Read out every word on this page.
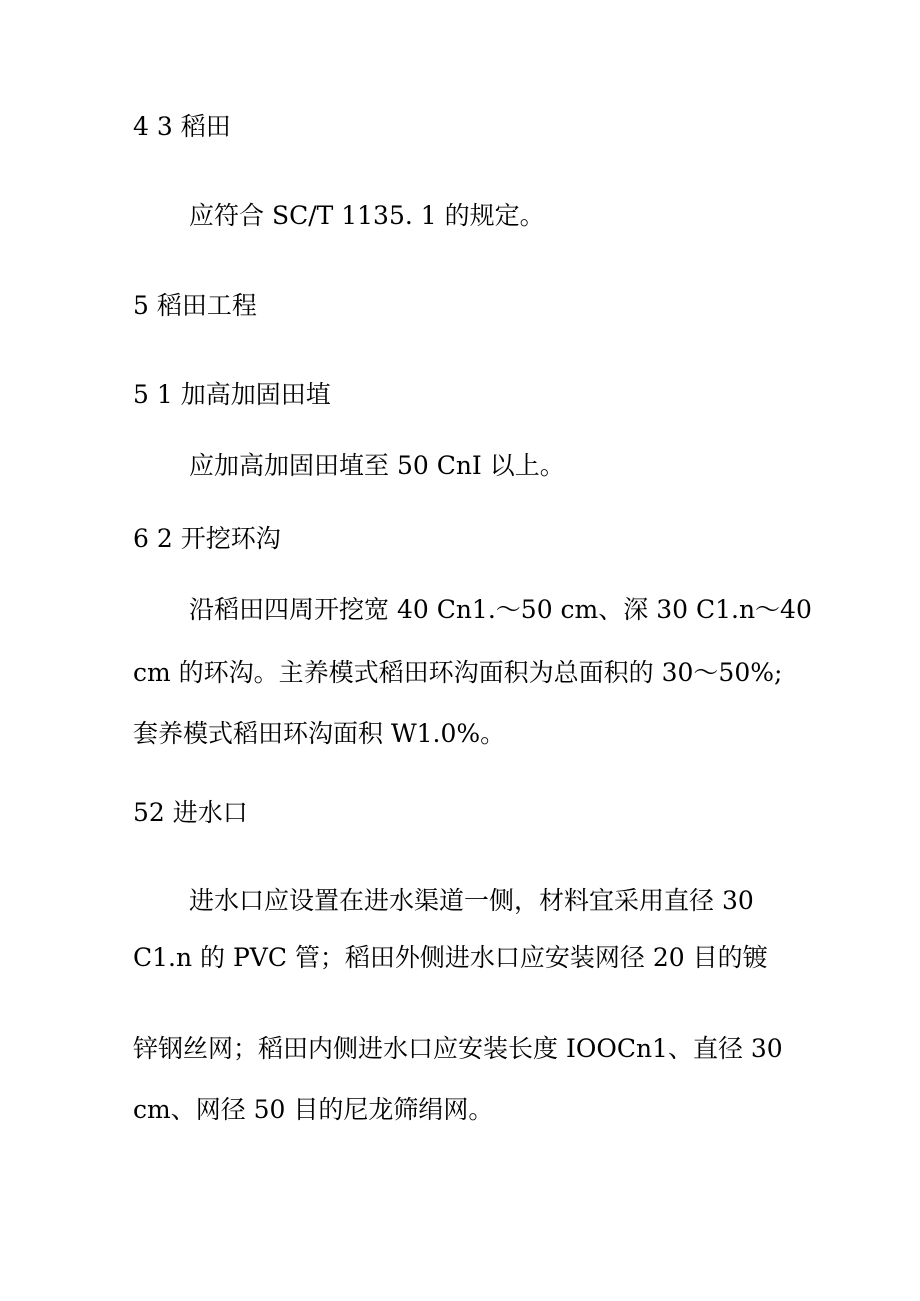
4 3 稻田
应符合 SC/T 1135. 1 的规定。
5 稻田工程
5 1 加高加固田埴
应加高加固田埴至 50 CnI 以上。
6 2 开挖环沟
沿稻田四周开挖宽 40 Cn1.～50 cm、深 30 C1.n～40
cm 的环沟。主养模式稻田环沟面积为总面积的 30～50%;
套养模式稻田环沟面积 W1.0%。
52 进水口
进水口应设置在进水渠道一侧，材料宜采用直径 30
C1.n 的 PVC 管；稻田外侧进水口应安装网径 20 目的镀
锌钢丝网；稻田内侧进水口应安装长度 IOOCn1、直径 30
cm、网径 50 目的尼龙筛绢网。
